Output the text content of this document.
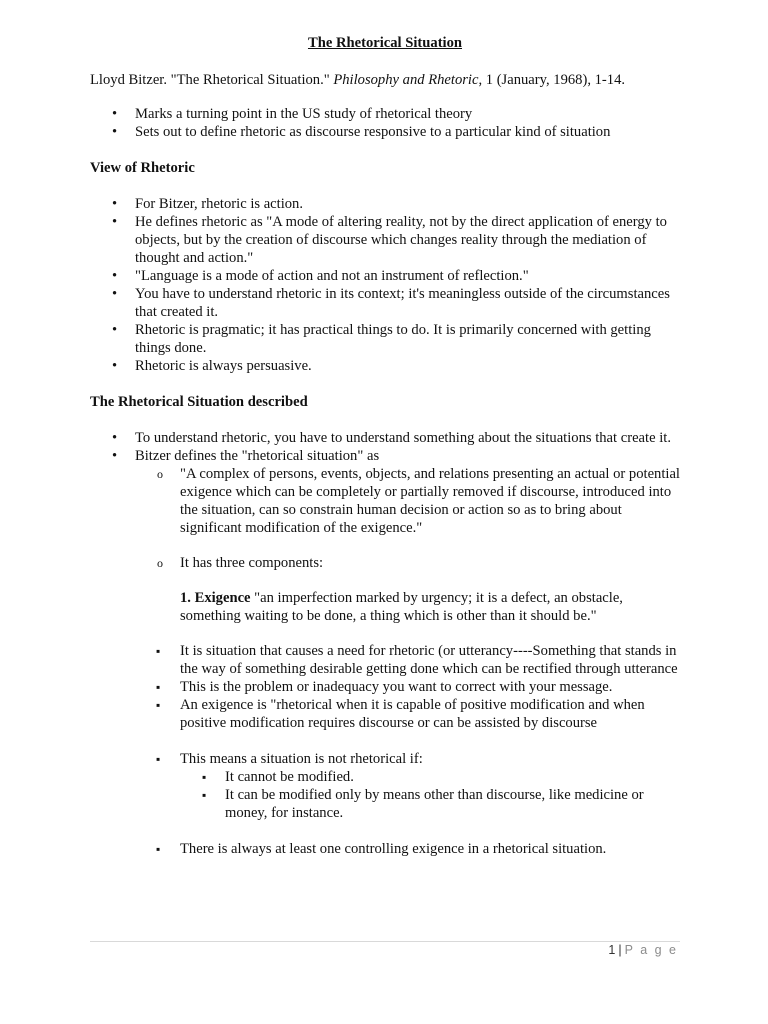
The Rhetorical Situation
Lloyd Bitzer. "The Rhetorical Situation." Philosophy and Rhetoric, 1 (January, 1968), 1-14.
• Marks a turning point in the US study of rhetorical theory
• Sets out to define rhetoric as discourse responsive to a particular kind of situation
View of Rhetoric
• For Bitzer, rhetoric is action.
• He defines rhetoric as "A mode of altering reality, not by the direct application of energy to objects, but by the creation of discourse which changes reality through the mediation of thought and action."
• "Language is a mode of action and not an instrument of reflection."
• You have to understand rhetoric in its context; it's meaningless outside of the circumstances that created it.
• Rhetoric is pragmatic; it has practical things to do. It is primarily concerned with getting things done.
• Rhetoric is always persuasive.
The Rhetorical Situation described
• To understand rhetoric, you have to understand something about the situations that create it.
• Bitzer defines the "rhetorical situation" as
o "A complex of persons, events, objects, and relations presenting an actual or potential exigence which can be completely or partially removed if discourse, introduced into the situation, can so constrain human decision or action so as to bring about significant modification of the exigence."
o It has three components:
1. Exigence "an imperfection marked by urgency; it is a defect, an obstacle, something waiting to be done, a thing which is other than it should be."
▪ It is situation that causes a need for rhetoric (or utterancy----Something that stands in the way of something desirable getting done which can be rectified through utterance
▪ This is the problem or inadequacy you want to correct with your message.
▪ An exigence is "rhetorical when it is capable of positive modification and when positive modification requires discourse or can be assisted by discourse
▪ This means a situation is not rhetorical if:
▪ It cannot be modified.
▪ It can be modified only by means other than discourse, like medicine or money, for instance.
▪ There is always at least one controlling exigence in a rhetorical situation.
1 | P a g e
